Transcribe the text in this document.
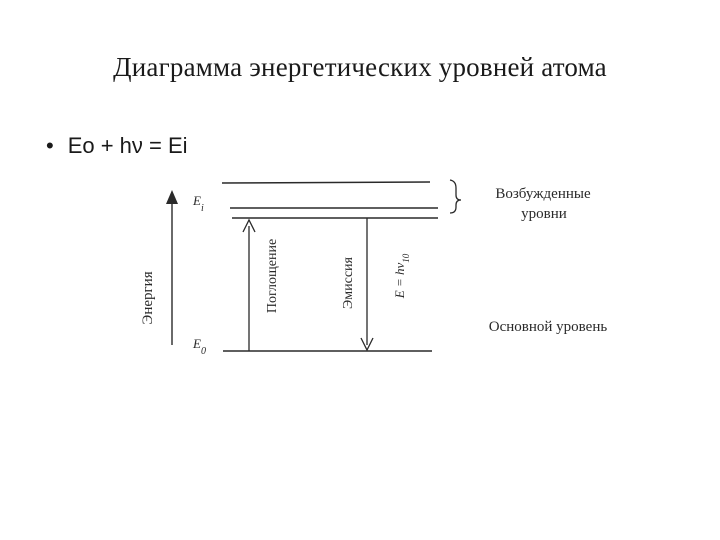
Диаграмма энергетических уровней атома
• Eo + hν = Ei
Энергия
$E_i$
$E_0$
Поглощение	Эмиссия	$E = h\nu_{10}$
Возбужденные
уровни
Основной уровень
